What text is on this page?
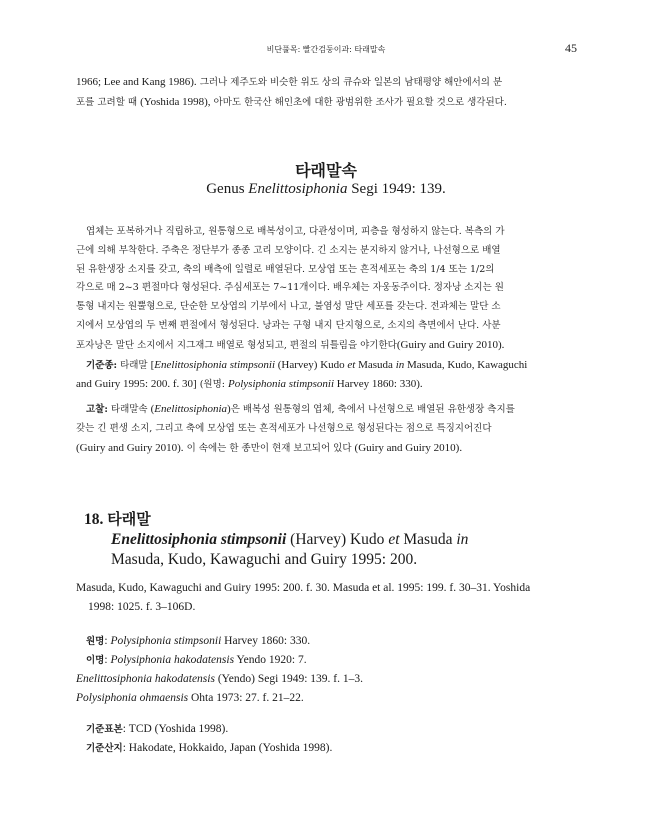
비단풀목: 빨간검둥이과: 타래말속	45
1966; Lee and Kang 1986). 그러나 제주도와 비슷한 위도 상의 큐슈와 일본의 남태평양 해안에서의 분
포를 고려할 때 (Yoshida 1998), 아마도 한국산 해인초에 대한 광범위한 조사가 필요할 것으로 생각된다.
타래말속
Genus Enelittosiphonia Segi 1949: 139.
엽체는 포복하거나 직립하고, 원통형으로 배복성이고, 다관성이며, 피층을 형성하지 않는다. 복측의 가
근에 의해 부착한다. 주축은 정단부가 종종 고리 모양이다. 긴 소지는 분지하지 않거나, 나선형으로 배열
된 유한생장 소지를 갖고, 축의 배측에 일렬로 배열된다. 모상엽 또는 흔적세포는 축의 1/4 또는 1/2의
각으로 매 2~3 편절마다 형성된다. 주심세포는 7~11개이다. 배우체는 자웅동주이다. 정자낭 소지는 원
통형 내지는 원뿔형으로, 단순한 모상엽의 기부에서 나고, 불염성 말단 세포를 갖는다. 전과체는 말단 소
지에서 모상엽의 두 번째 편절에서 형성된다. 낭과는 구형 내지 단지형으로, 소지의 측면에서 난다. 사분
포자낭은 말단 소지에서 지그재그 배열로 형성되고, 편절의 뒤틀림을 야기한다(Guiry and Guiry 2010).
기준종: 타래말 [Enelittosiphonia stimpsonii (Harvey) Kudo et Masuda in Masuda, Kudo, Kawaguchi
and Guiry 1995: 200. f. 30] (원명: Polysiphonia stimpsonii Harvey 1860: 330).
고찰: 타래말속 (Enelittosiphonia)은 배복성 원통형의 엽체, 축에서 나선형으로 배열된 유한생장 측지를
갖는 긴 편생 소지, 그리고 축에 모상엽 또는 흔적세포가 나선형으로 형성된다는 점으로 특징지어진다
(Guiry and Guiry 2010). 이 속에는 한 종만이 현재 보고되어 있다 (Guiry and Guiry 2010).
18. 타래말
Enelittosiphonia stimpsonii (Harvey) Kudo et Masuda in
Masuda, Kudo, Kawaguchi and Guiry 1995: 200.
Masuda, Kudo, Kawaguchi and Guiry 1995: 200. f. 30. Masuda et al. 1995: 199. f. 30–31. Yoshida
1998: 1025. f. 3–106D.
원명: Polysiphonia stimpsonii Harvey 1860: 330.
이명: Polysiphonia hakodatensis Yendo 1920: 7.
Enelittosiphonia hakodatensis (Yendo) Segi 1949: 139. f. 1–3.
Polysiphonia ohmaensis Ohta 1973: 27. f. 21–22.
기준표본: TCD (Yoshida 1998).
기준산지: Hakodate, Hokkaido, Japan (Yoshida 1998).
